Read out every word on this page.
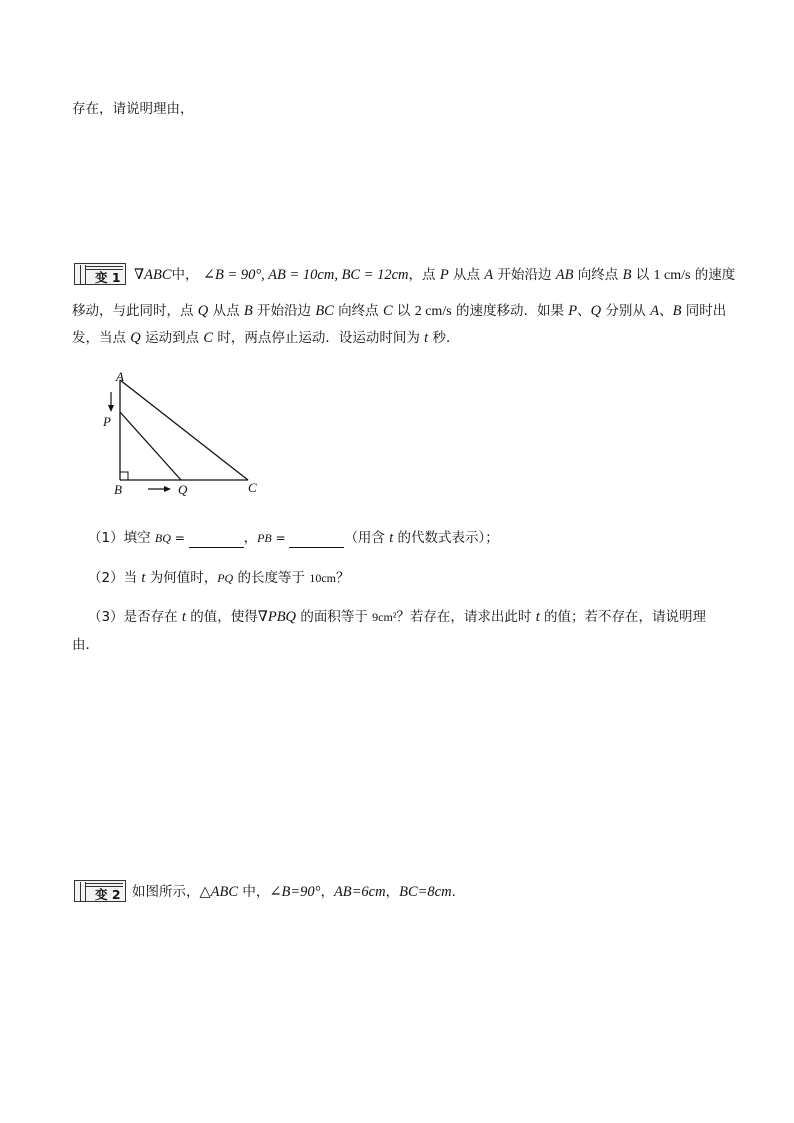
存在，请说明理由，
变 1 ∇ABC中， ∠B = 90°, AB = 10cm, BC = 12cm，点 P 从点 A 开始沿边 AB 向终点 B 以 1 cm/s 的速度
移动，与此同时，点 Q 从点 B 开始沿边 BC 向终点 C 以 2 cm/s 的速度移动．如果 P、Q 分别从 A、B 同时出
发，当点 Q 运动到点 C 时，两点停止运动．设运动时间为 t 秒．
A
P
B	Q	C
（1）填空 BQ =	，PB =	（用含 t 的代数式表示）；
（2）当 t 为何值时，PQ 的长度等于 10cm？
（3）是否存在 t 的值，使得∇PBQ 的面积等于 9cm²？若存在，请求出此时 t 的值；若不存在，请说明理
由．
变 2 如图所示，△ABC 中，∠B=90°，AB=6cm，BC=8cm．
